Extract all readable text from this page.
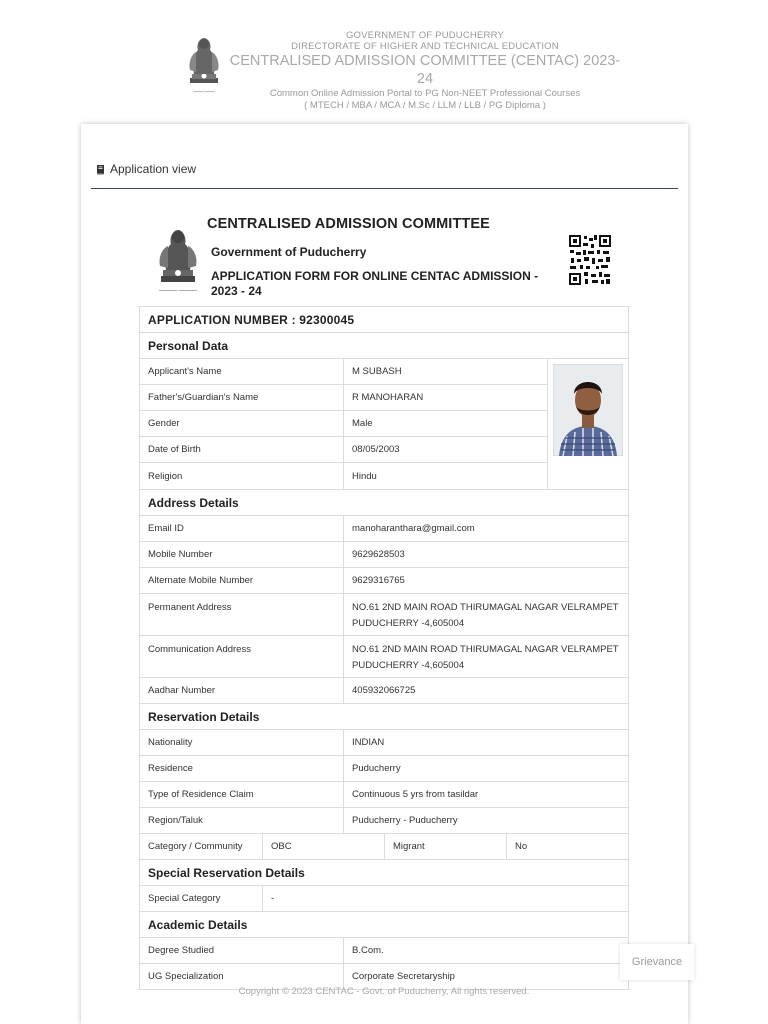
—— ——
GOVERNMENT OF PUDUCHERRY
DIRECTORATE OF HIGHER AND TECHNICAL EDUCATION
CENTRALISED ADMISSION COMMITTEE (CENTAC) 2023-24
Common Online Admission Portal to PG Non-NEET Professional Courses
( MTECH / MBA / MCA / M.Sc / LLM / LLB / PG Diploma )
Application view
——— ———
CENTRALISED ADMISSION COMMITTEE
Government of Puducherry
APPLICATION FORM FOR ONLINE CENTAC ADMISSION - 2023 - 24
APPLICATION NUMBER : 92300045
Personal Data
Applicant's Name	M SUBASH
Father's/Guardian's Name	R MANOHARAN
Gender	Male
Date of Birth	08/05/2003
Religion	Hindu
Address Details
Email ID	manoharanthara@gmail.com
Mobile Number	9629628503
Alternate Mobile Number	9629316765
Permanent Address	NO.61 2ND MAIN ROAD THIRUMAGAL NAGAR VELRAMPET PUDUCHERRY -4,605004
Communication Address	NO.61 2ND MAIN ROAD THIRUMAGAL NAGAR VELRAMPET PUDUCHERRY -4,605004
Aadhar Number	405932066725
Reservation Details
Nationality	INDIAN
Residence	Puducherry
Type of Residence Claim	Continuous 5 yrs from tasildar
Region/Taluk	Puducherry - Puducherry
Category / Community	OBC	Migrant	No
Special Reservation Details
Special Category	-
Academic Details
Degree Studied	B.Com.
UG Specialization	Corporate Secretaryship
Grievance
Copyright © 2023 CENTAC - Govt. of Puducherry, All rights reserved.
